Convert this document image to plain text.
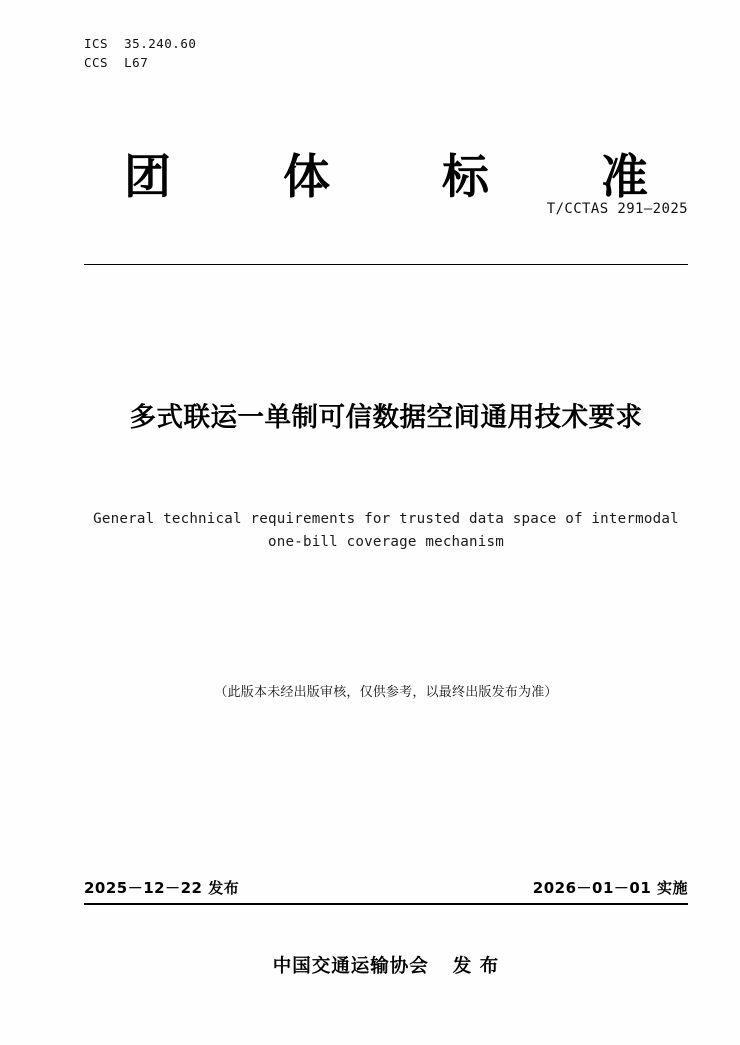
ICS 35.240.60
CCS L67
团 体 标 准
T/CCTAS 291—2025
多式联运一单制可信数据空间通用技术要求
General technical requirements for trusted data space of intermodal one-bill coverage mechanism
（此版本未经出版审核，仅供参考，以最终出版发布为准）
2025－12－22 发布	2026－01－01 实施
中国交通运输协会 发 布
